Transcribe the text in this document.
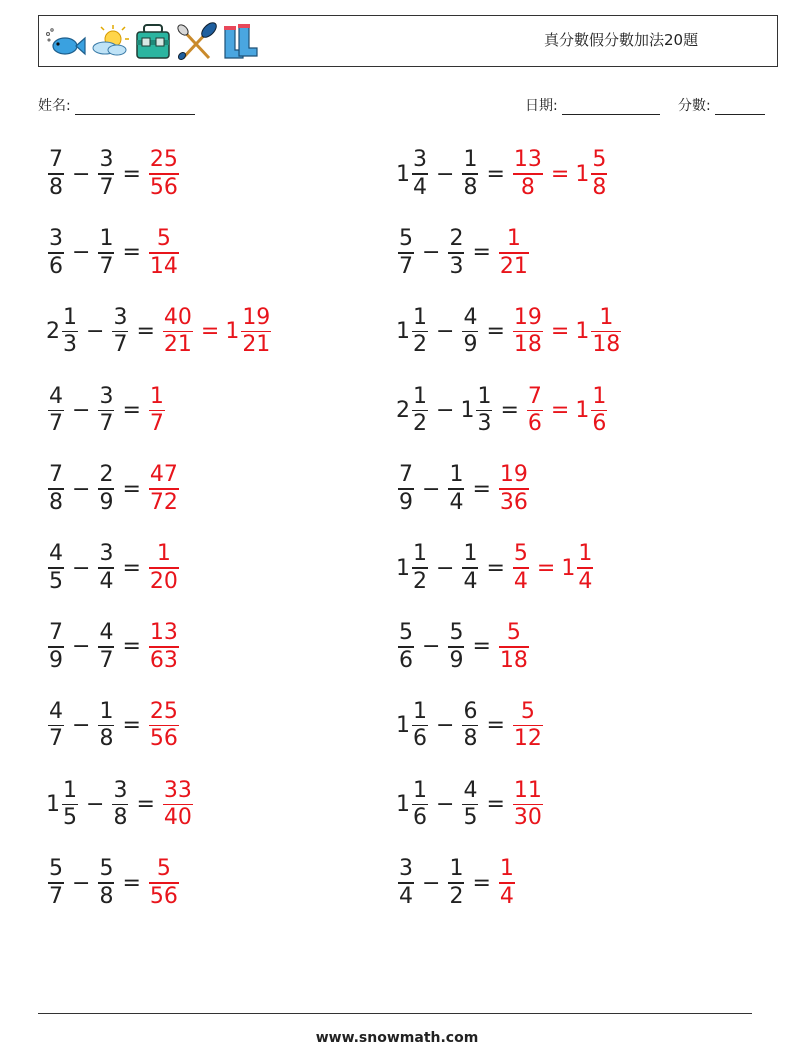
真分數假分數加法20題
姓名:	日期:	分數:
$\frac{7}{8} - \frac{3}{7} = \frac{25}{56}$	$1 \frac{3}{4} - \frac{1}{8} = \frac{13}{8} = 1 \frac{5}{8}$
$\frac{3}{6} - \frac{1}{7} = \frac{5}{14}$	$\frac{5}{7} - \frac{2}{3} = \frac{1}{21}$
$2 \frac{1}{3} - \frac{3}{7} = \frac{40}{21} = 1 \frac{19}{21}$	$1 \frac{1}{2} - \frac{4}{9} = \frac{19}{18} = 1 \frac{1}{18}$
$\frac{4}{7} - \frac{3}{7} = \frac{1}{7}$	$2 \frac{1}{2} - 1 \frac{1}{3} = \frac{7}{6} = 1 \frac{1}{6}$
$\frac{7}{8} - \frac{2}{9} = \frac{47}{72}$	$\frac{7}{9} - \frac{1}{4} = \frac{19}{36}$
$\frac{4}{5} - \frac{3}{4} = \frac{1}{20}$	$1 \frac{1}{2} - \frac{1}{4} = \frac{5}{4} = 1 \frac{1}{4}$
$\frac{7}{9} - \frac{4}{7} = \frac{13}{63}$	$\frac{5}{6} - \frac{5}{9} = \frac{5}{18}$
$\frac{4}{7} - \frac{1}{8} = \frac{25}{56}$	$1 \frac{1}{6} - \frac{6}{8} = \frac{5}{12}$
$1 \frac{1}{5} - \frac{3}{8} = \frac{33}{40}$	$1 \frac{1}{6} - \frac{4}{5} = \frac{11}{30}$
$\frac{5}{7} - \frac{5}{8} = \frac{5}{56}$	$\frac{3}{4} - \frac{1}{2} = \frac{1}{4}$
www.snowmath.com
